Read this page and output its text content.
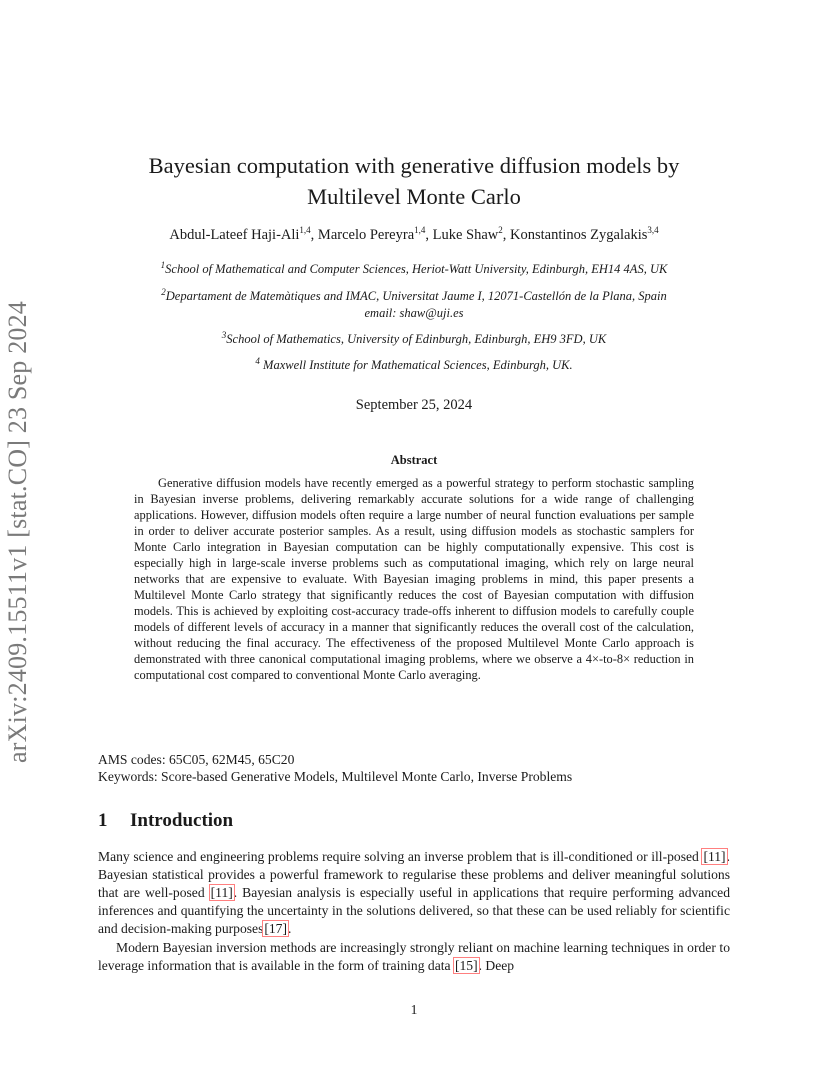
arXiv:2409.15511v1 [stat.CO] 23 Sep 2024
Bayesian computation with generative diffusion models by
Multilevel Monte Carlo
Abdul-Lateef Haji-Ali$^{1,4}$, Marcelo Pereyra$^{1,4}$, Luke Shaw$^2$, Konstantinos Zygalakis$^{3,4}$
$^1$School of Mathematical and Computer Sciences, Heriot-Watt University, Edinburgh, EH14 4AS, UK
$^2$Departament de Matemàtiques and IMAC, Universitat Jaume I, 12071-Castellón de la Plana, Spain
email: shaw@uji.es
$^3$School of Mathematics, University of Edinburgh, Edinburgh, EH9 3FD, UK
$^4$ Maxwell Institute for Mathematical Sciences, Edinburgh, UK.
September 25, 2024
Abstract
Generative diffusion models have recently emerged as a powerful strategy to perform stochastic sampling in Bayesian inverse problems, delivering remarkably accurate solutions for a wide range of challenging applications. However, diffusion models often require a large number of neural function evaluations per sample in order to deliver accurate posterior samples. As a result, using diffusion models as stochastic samplers for Monte Carlo integration in Bayesian computation can be highly computationally expensive. This cost is especially high in large-scale inverse problems such as computational imaging, which rely on large neural networks that are expensive to evaluate. With Bayesian imaging problems in mind, this paper presents a Multilevel Monte Carlo strategy that significantly reduces the cost of Bayesian computation with diffusion models. This is achieved by exploiting cost-accuracy trade-offs inherent to diffusion models to carefully couple models of different levels of accuracy in a manner that significantly reduces the overall cost of the calculation, without reducing the final accuracy. The effectiveness of the proposed Multilevel Monte Carlo approach is demonstrated with three canonical computational imaging problems, where we observe a 4×-to-8× reduction in computational cost compared to conventional Monte Carlo averaging.
AMS codes: 65C05, 62M45, 65C20
Keywords: Score-based Generative Models, Multilevel Monte Carlo, Inverse Problems
1 Introduction
Many science and engineering problems require solving an inverse problem that is ill-conditioned or ill-posed [11]. Bayesian statistical provides a powerful framework to regularise these problems and deliver meaningful solutions that are well-posed [11]. Bayesian analysis is especially useful in applications that require performing advanced inferences and quantifying the uncertainty in the solutions delivered, so that these can be used reliably for scientific and decision-making purposes[17].
Modern Bayesian inversion methods are increasingly strongly reliant on machine learning techniques in order to leverage information that is available in the form of training data [15]. Deep
1
